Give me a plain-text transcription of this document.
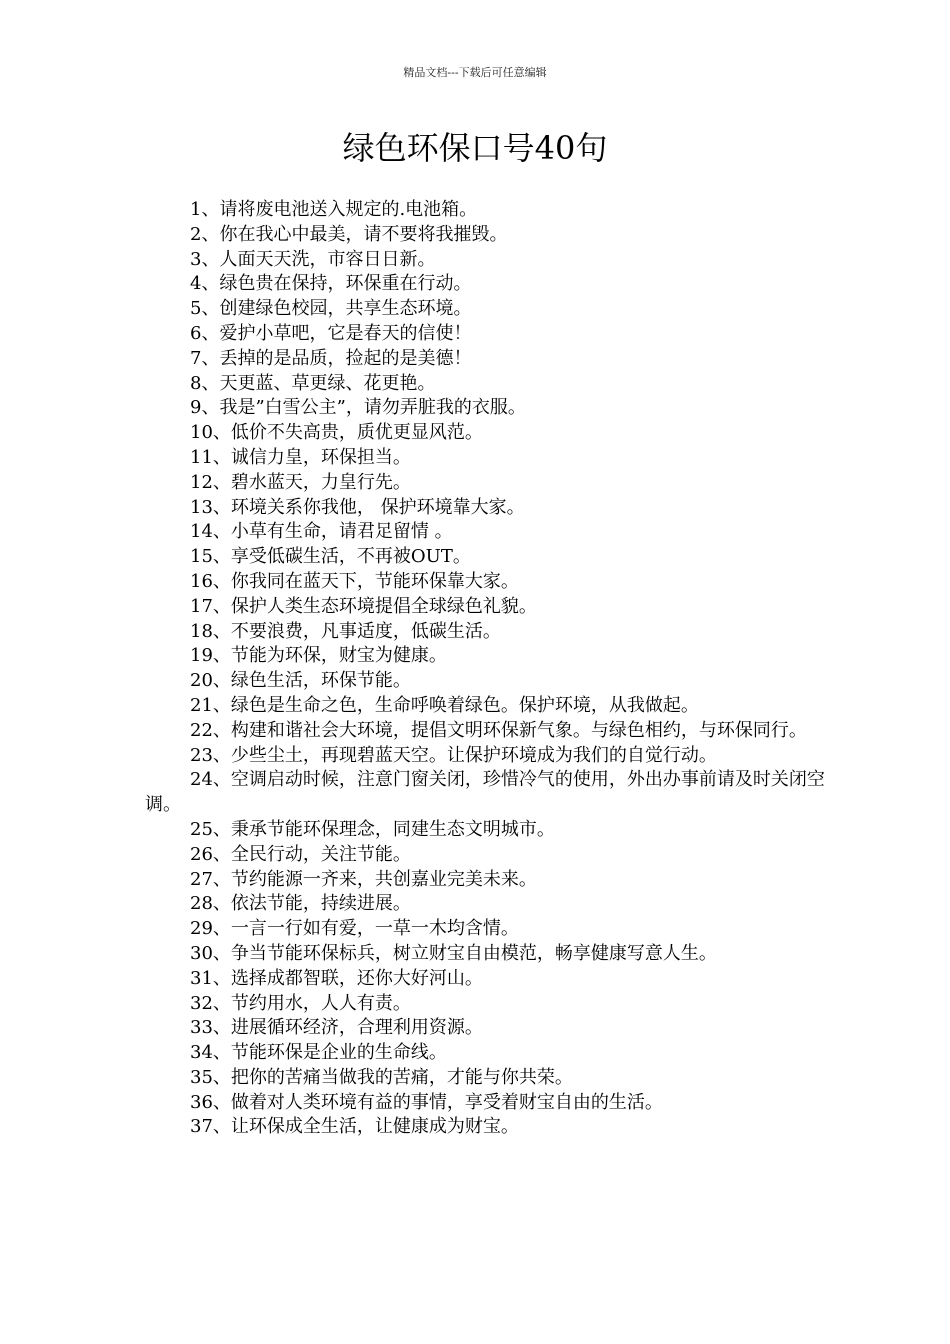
精品文档---下载后可任意编辑
绿色环保口号40句
1、请将废电池送入规定的.电池箱。
2、你在我心中最美，请不要将我摧毁。
3、人面天天洗，市容日日新。
4、绿色贵在保持，环保重在行动。
5、创建绿色校园，共享生态环境。
6、爱护小草吧，它是春天的信使！
7、丢掉的是品质，捡起的是美德！
8、天更蓝、草更绿、花更艳。
9、我是”白雪公主”，请勿弄脏我的衣服。
10、低价不失高贵，质优更显风范。
11、诚信力皇，环保担当。
12、碧水蓝天，力皇行先。
13、环境关系你我他， 保护环境靠大家。
14、小草有生命，请君足留情 。
15、享受低碳生活，不再被OUT。
16、你我同在蓝天下，节能环保靠大家。
17、保护人类生态环境提倡全球绿色礼貌。
18、不要浪费，凡事适度，低碳生活。
19、节能为环保，财宝为健康。
20、绿色生活，环保节能。
21、绿色是生命之色，生命呼唤着绿色。保护环境，从我做起。
22、构建和谐社会大环境，提倡文明环保新气象。与绿色相约，与环保同行。
23、少些尘土，再现碧蓝天空。让保护环境成为我们的自觉行动。
24、空调启动时候，注意门窗关闭，珍惜冷气的使用，外出办事前请及时关闭空调。
25、秉承节能环保理念，同建生态文明城市。
26、全民行动，关注节能。
27、节约能源一齐来，共创嘉业完美未来。
28、依法节能，持续进展。
29、一言一行如有爱，一草一木均含情。
30、争当节能环保标兵，树立财宝自由模范，畅享健康写意人生。
31、选择成都智联，还你大好河山。
32、节约用水，人人有责。
33、进展循环经济，合理利用资源。
34、节能环保是企业的生命线。
35、把你的苦痛当做我的苦痛，才能与你共荣。
36、做着对人类环境有益的事情，享受着财宝自由的生活。
37、让环保成全生活，让健康成为财宝。
